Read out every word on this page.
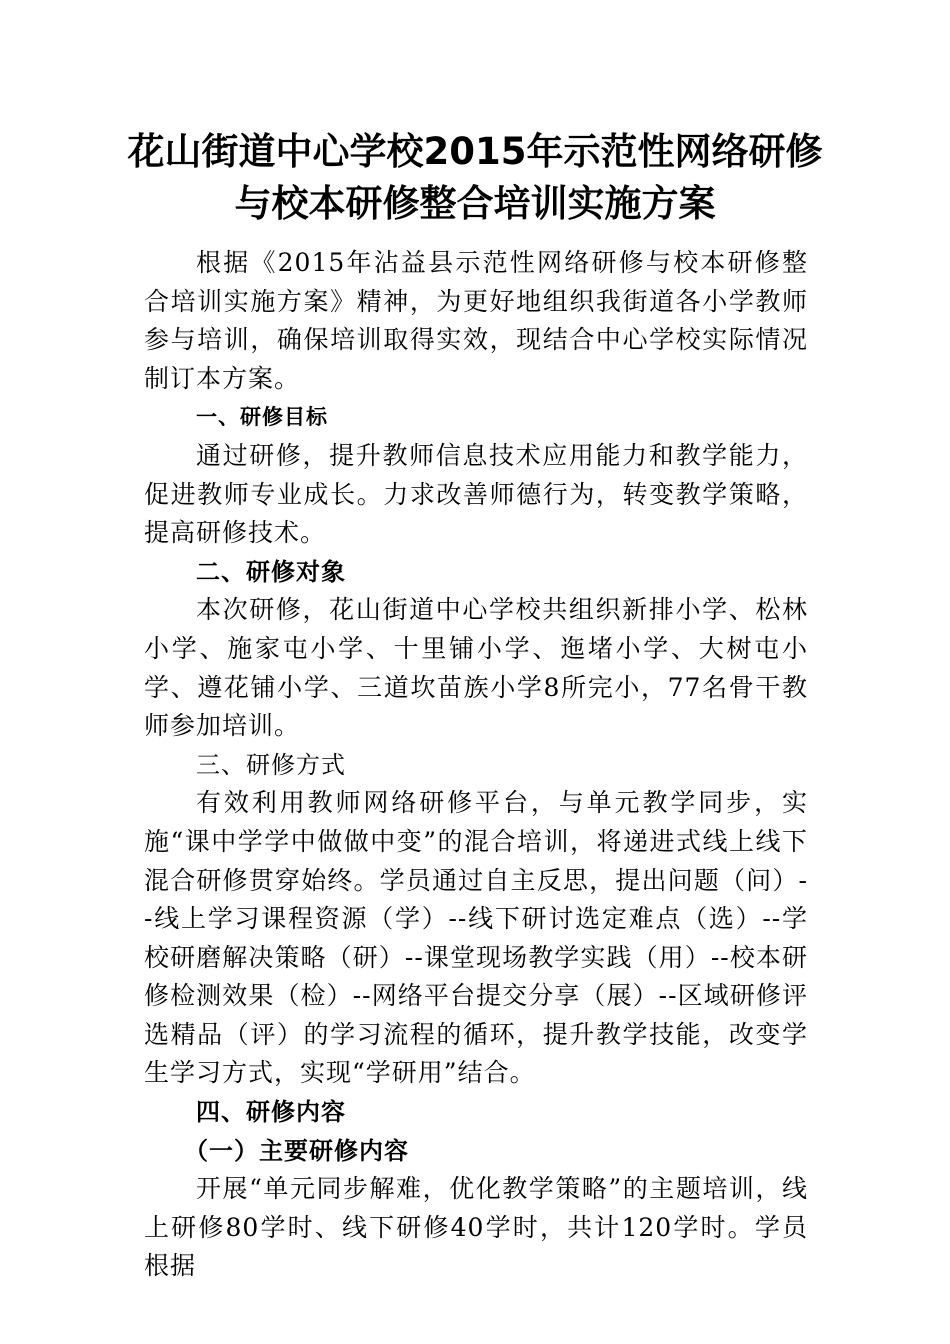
花山街道中心学校2015年示范性网络研修
与校本研修整合培训实施方案

根据《2015年沾益县示范性网络研修与校本研修整合培训实施方案》精神，为更好地组织我街道各小学教师参与培训，确保培训取得实效，现结合中心学校实际情况制订本方案。

一、研修目标

通过研修，提升教师信息技术应用能力和教学能力，促进教师专业成长。力求改善师德行为，转变教学策略，提高研修技术。

二、研修对象

本次研修，花山街道中心学校共组织新排小学、松林小学、施家屯小学、十里铺小学、迤堵小学、大树屯小学、遵花铺小学、三道坎苗族小学8所完小，77名骨干教师参加培训。

三、研修方式

有效利用教师网络研修平台，与单元教学同步，实施“课中学学中做做中变”的混合培训，将递进式线上线下混合研修贯穿始终。学员通过自主反思，提出问题（问）--线上学习课程资源（学）--线下研讨选定难点（选）--学校研磨解决策略（研）--课堂现场教学实践（用）--校本研修检测效果（检）--网络平台提交分享（展）--区域研修评选精品（评）的学习流程的循环，提升教学技能，改变学生学习方式，实现“学研用”结合。

四、研修内容

（一）主要研修内容

开展“单元同步解难，优化教学策略”的主题培训，线上研修80学时、线下研修40学时，共计120学时。学员根据
